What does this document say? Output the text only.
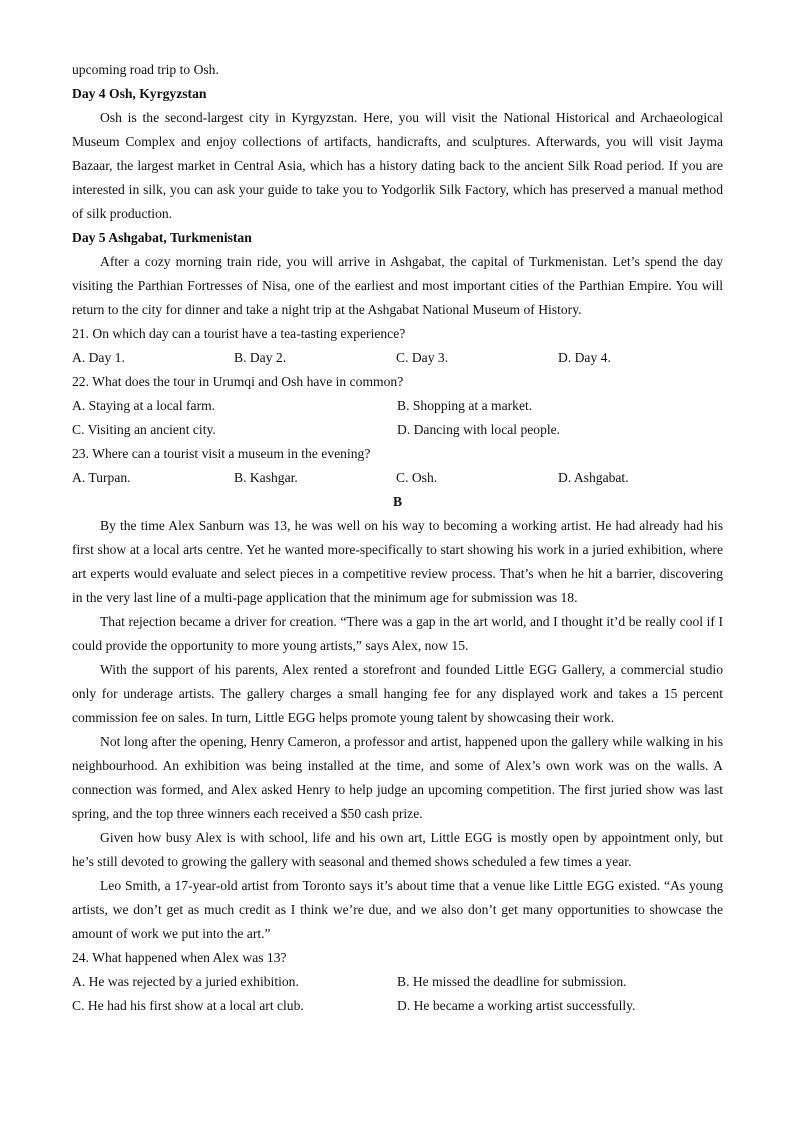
upcoming road trip to Osh.

Day 4 Osh, Kyrgyzstan

Osh is the second-largest city in Kyrgyzstan. Here, you will visit the National Historical and Archaeological Museum Complex and enjoy collections of artifacts, handicrafts, and sculptures. Afterwards, you will visit Jayma Bazaar, the largest market in Central Asia, which has a history dating back to the ancient Silk Road period. If you are interested in silk, you can ask your guide to take you to Yodgorlik Silk Factory, which has preserved a manual method of silk production.

Day 5 Ashgabat, Turkmenistan

After a cozy morning train ride, you will arrive in Ashgabat, the capital of Turkmenistan. Let’s spend the day visiting the Parthian Fortresses of Nisa, one of the earliest and most important cities of the Parthian Empire. You will return to the city for dinner and take a night trip at the Ashgabat National Museum of History.

21. On which day can a tourist have a tea-tasting experience?

A. Day 1.	B. Day 2.	C. Day 3.	D. Day 4.

22. What does the tour in Urumqi and Osh have in common?

A. Staying at a local farm.	B. Shopping at a market.
C. Visiting an ancient city.	D. Dancing with local people.

23. Where can a tourist visit a museum in the evening?

A. Turpan.	B. Kashgar.	C. Osh.	D. Ashgabat.

B

By the time Alex Sanburn was 13, he was well on his way to becoming a working artist. He had already had his first show at a local arts centre. Yet he wanted more-specifically to start showing his work in a juried exhibition, where art experts would evaluate and select pieces in a competitive review process. That’s when he hit a barrier, discovering in the very last line of a multi-page application that the minimum age for submission was 18.

That rejection became a driver for creation. “There was a gap in the art world, and I thought it’d be really cool if I could provide the opportunity to more young artists,” says Alex, now 15.

With the support of his parents, Alex rented a storefront and founded Little EGG Gallery, a commercial studio only for underage artists. The gallery charges a small hanging fee for any displayed work and takes a 15 percent commission fee on sales. In turn, Little EGG helps promote young talent by showcasing their work.

Not long after the opening, Henry Cameron, a professor and artist, happened upon the gallery while walking in his neighbourhood. An exhibition was being installed at the time, and some of Alex’s own work was on the walls. A connection was formed, and Alex asked Henry to help judge an upcoming competition. The first juried show was last spring, and the top three winners each received a $50 cash prize.

Given how busy Alex is with school, life and his own art, Little EGG is mostly open by appointment only, but he’s still devoted to growing the gallery with seasonal and themed shows scheduled a few times a year.

Leo Smith, a 17-year-old artist from Toronto says it’s about time that a venue like Little EGG existed. “As young artists, we don’t get as much credit as I think we’re due, and we also don’t get many opportunities to showcase the amount of work we put into the art.”

24. What happened when Alex was 13?

A. He was rejected by a juried exhibition.	B. He missed the deadline for submission.
C. He had his first show at a local art club.	D. He became a working artist successfully.
